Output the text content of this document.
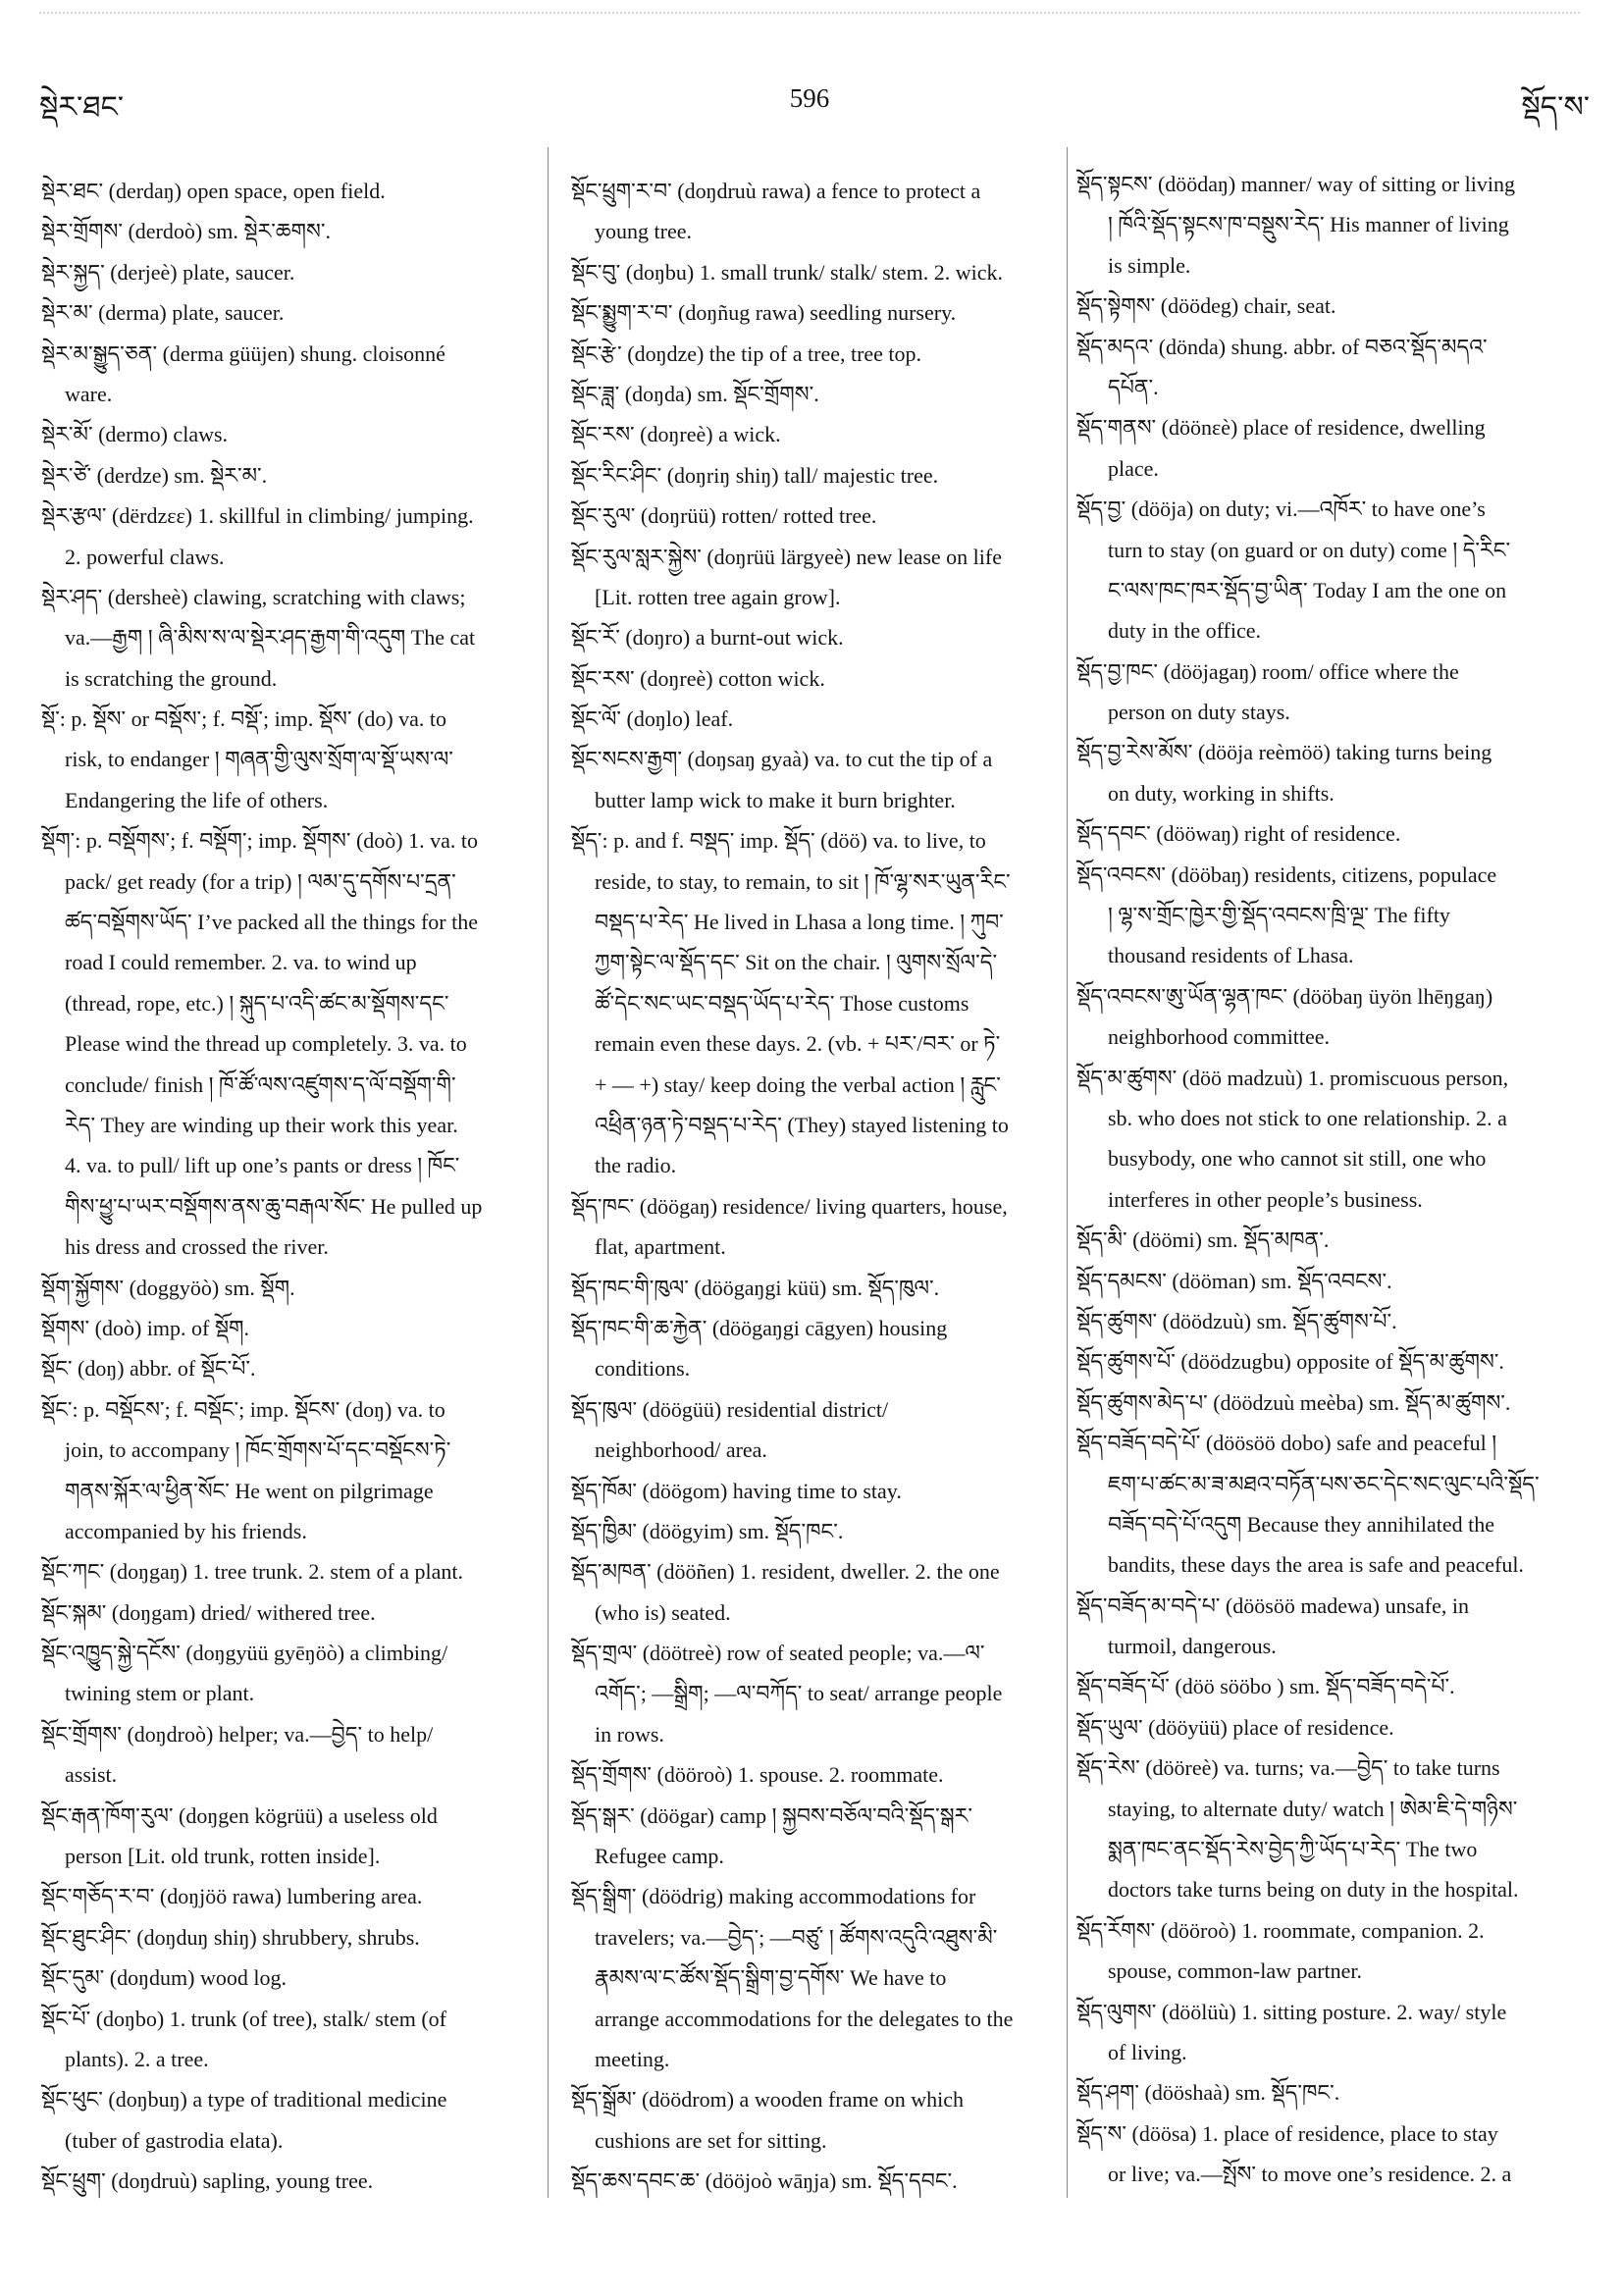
སྡེར་ཐང་	596	སྡོད་ས་
སྡེར་ཐང་ (derdaŋ) open space, open field.
སྡེར་གྲོགས་ (derdoò) sm. སྡེར་ཆགས་.
སྡེར་སྐྱད་ (derjeè) plate, saucer.
སྡེར་མ་ (derma) plate, saucer.
སྡེར་མ་སྒྱུད་ཅན་ (derma güüjen) shung. cloisonné
ware.
སྡེར་མོ་ (dermo) claws.
སྡེར་ཙེ་ (derdze) sm. སྡེར་མ་.
སྡེར་རྩལ་ (dërdzεε) 1. skillful in climbing/ jumping.
2. powerful claws.
སྡེར་ཤད་ (dersheè) clawing, scratching with claws;
va.—རྒྱག ། ཞི་མིས་ས་ལ་སྡེར་ཤད་རྒྱག་གི་འདུག The cat
is scratching the ground.
སྡོ་: p. སྡོས་ or བསྡོས་; f. བསྡོ་; imp. སྡོས་ (do) va. to
risk, to endanger ། གཞན་གྱི་ལུས་སྲོག་ལ་སྡོ་ཡས་ལ་
Endangering the life of others.
སྡོག་: p. བསྡོགས་; f. བསྡོག་; imp. སྡོགས་ (doò) 1. va. to
pack/ get ready (for a trip) ། ལམ་དུ་དགོས་པ་དྲན་
ཚད་བསྡོགས་ཡོད་ I’ve packed all the things for the
road I could remember. 2. va. to wind up
(thread, rope, etc.) ། སྐུད་པ་འདི་ཚང་མ་སྡོགས་དང་
Please wind the thread up completely. 3. va. to
conclude/ finish ། ཁོ་ཚོ་ལས་འཛུགས་ད་ལོ་བསྡོག་གི་
རེད་ They are winding up their work this year.
4. va. to pull/ lift up one’s pants or dress ། ཁོང་
གིས་ཕྱུ་པ་ཡར་བསྡོགས་ནས་ཆུ་བརྒལ་སོང་ He pulled up
his dress and crossed the river.
སྡོག་སྐྱོགས་ (doggyöò) sm. སྡོག.
སྡོགས་ (doò) imp. of སྡོག.
སྡོང་ (doŋ) abbr. of སྡོང་པོ་.
སྡོང་: p. བསྡོངས་; f. བསྡོང་; imp. སྡོངས་ (doŋ) va. to
join, to accompany ། ཁོང་གྲོགས་པོ་དང་བསྡོངས་ཏེ་
གནས་སྐོར་ལ་ཕྱིན་སོང་ He went on pilgrimage
accompanied by his friends.
སྡོང་ཀང་ (doŋgaŋ) 1. tree trunk. 2. stem of a plant.
སྡོང་སྐམ་ (doŋgam) dried/ withered tree.
སྡོང་འཁྱུད་སྐྱེ་དངོས་ (doŋgyüü gyēŋöò) a climbing/
twining stem or plant.
སྡོང་གྲོགས་ (doŋdroò) helper; va.—བྱེད་ to help/
assist.
སྡོང་རྒན་ཁོག་རུལ་ (doŋgen kögrüü) a useless old
person [Lit. old trunk, rotten inside].
སྡོང་གཅོད་ར་བ་ (doŋjöö rawa) lumbering area.
སྡོང་ཐུང་ཤིང་ (doŋduŋ shiŋ) shrubbery, shrubs.
སྡོང་དུམ་ (doŋdum) wood log.
སྡོང་པོ་ (doŋbo) 1. trunk (of tree), stalk/ stem (of
plants). 2. a tree.
སྡོང་ཕུང་ (doŋbuŋ) a type of traditional medicine
(tuber of gastrodia elata).
སྡོང་ཕྲུག་ (doŋdruù) sapling, young tree.
སྡོང་ཕྲུག་ར་བ་ (doŋdruù rawa) a fence to protect a
young tree.
སྡོང་བུ་ (doŋbu) 1. small trunk/ stalk/ stem. 2. wick.
སྡོང་སྨྱུག་ར་བ་ (doŋñug rawa) seedling nursery.
སྡོང་རྩེ་ (doŋdze) the tip of a tree, tree top.
སྡོང་ཟླ་ (doŋda) sm. སྡོང་གྲོགས་.
སྡོང་རས་ (doŋreè) a wick.
སྡོང་རིང་ཤིང་ (doŋriŋ shiŋ) tall/ majestic tree.
སྡོང་རུལ་ (doŋrüü) rotten/ rotted tree.
སྡོང་རུལ་སླར་སྐྱེས་ (doŋrüü lärgyeè) new lease on life
[Lit. rotten tree again grow].
སྡོང་རོ་ (doŋro) a burnt-out wick.
སྡོང་རས་ (doŋreè) cotton wick.
སྡོང་ལོ་ (doŋlo) leaf.
སྡོང་སངས་རྒྱག་ (doŋsaŋ gyaà) va. to cut the tip of a
butter lamp wick to make it burn brighter.
སྡོད་: p. and f. བསྡད་ imp. སྡོད་ (döö) va. to live, to
reside, to stay, to remain, to sit ། ཁོ་ལྷ་སར་ཡུན་རིང་
བསྡད་པ་རེད་ He lived in Lhasa a long time. ། ཀུབ་
ཀྱག་སྟེང་ལ་སྡོད་དང་ Sit on the chair. ། ལུགས་སྲོལ་དེ་
ཚོ་དེང་སང་ཡང་བསྡད་ཡོད་པ་རེད་ Those customs
remain even these days. 2. (vb. + པར་/བར་ or ཏེ་
+ — +) stay/ keep doing the verbal action ། རླུང་
འཕྲིན་ཉན་ཏེ་བསྡད་པ་རེད་ (They) stayed listening to
the radio.
སྡོད་ཁང་ (döögaŋ) residence/ living quarters, house,
flat, apartment.
སྡོད་ཁང་གི་ཁུལ་ (döögaŋgi küü) sm. སྡོད་ཁུལ་.
སྡོད་ཁང་གི་ཆ་རྐྱེན་ (döögaŋgi cāgyen) housing
conditions.
སྡོད་ཁུལ་ (döögüü) residential district/
neighborhood/ area.
སྡོད་ཁོམ་ (döögom) having time to stay.
སྡོད་ཁྱིམ་ (döögyim) sm. སྡོད་ཁང་.
སྡོད་མཁན་ (dööñen) 1. resident, dweller. 2. the one
(who is) seated.
སྡོད་གྲལ་ (döötreè) row of seated people; va.—ལ་
འགོད་; —སྒྲིག; —ལ་བཀོད་ to seat/ arrange people
in rows.
སྡོད་གྲོགས་ (dööroò) 1. spouse. 2. roommate.
སྡོད་སྒར་ (döögar) camp ། སྐྱབས་བཅོལ་བའི་སྡོད་སྒར་
Refugee camp.
སྡོད་སྒྲིག་ (döödrig) making accommodations for
travelers; va.—བྱེད་; —བཙུ་ ། ཚོགས་འདུའི་འཐུས་མི་
རྣམས་ལ་ང་ཚོས་སྡོད་སྒྲིག་བྱ་དགོས་ We have to
arrange accommodations for the delegates to the
meeting.
སྡོད་སྒྲོམ་ (döödrom) a wooden frame on which
cushions are set for sitting.
སྡོད་ཆས་དབང་ཆ་ (dööjoò wāŋja) sm. སྡོད་དབང་.
སྡོད་སྟངས་ (döödaŋ) manner/ way of sitting or living
། ཁོའི་སྡོད་སྟངས་ཁ་བསྡུས་རེད་ His manner of living
is simple.
སྡོད་སྟེགས་ (döödeg) chair, seat.
སྡོད་མདའ་ (dönda) shung. abbr. of བཅའ་སྡོད་མདའ་
དཔོན་.
སྡོད་གནས་ (döönεè) place of residence, dwelling
place.
སྡོད་བྱ་ (dööja) on duty; vi.—འཁོར་ to have one’s
turn to stay (on guard or on duty) come ། དེ་རིང་
ང་ལས་ཁང་ཁར་སྡོད་བྱ་ཡིན་ Today I am the one on
duty in the office.
སྡོད་བྱ་ཁང་ (dööjagaŋ) room/ office where the
person on duty stays.
སྡོད་བྱ་རེས་མོས་ (dööja reèmöö) taking turns being
on duty, working in shifts.
སྡོད་དབང་ (dööwaŋ) right of residence.
སྡོད་འབངས་ (dööbaŋ) residents, citizens, populace
། ལྷ་ས་གྲོང་ཁྱེར་གྱི་སྡོད་འབངས་ཁྲི་ལྔ་ The fifty
thousand residents of Lhasa.
སྡོད་འབངས་ཨུ་ཡོན་ལྷན་ཁང་ (dööbaŋ üyön lhēŋgaŋ)
neighborhood committee.
སྡོད་མ་ཚུགས་ (döö madzuù) 1. promiscuous person,
sb. who does not stick to one relationship. 2. a
busybody, one who cannot sit still, one who
interferes in other people’s business.
སྡོད་མི་ (döömi) sm. སྡོད་མཁན་.
སྡོད་དམངས་ (dööman) sm. སྡོད་འབངས་.
སྡོད་ཚུགས་ (döödzuù) sm. སྡོད་ཚུགས་པོ་.
སྡོད་ཚུགས་པོ་ (döödzugbu) opposite of སྡོད་མ་ཚུགས་.
སྡོད་ཚུགས་མེད་པ་ (döödzuù meèba) sm. སྡོད་མ་ཚུགས་.
སྡོད་བཟོད་བདེ་པོ་ (döösöö dobo) safe and peaceful །
ཇག་པ་ཚང་མ་ཟ་མཐའ་བཏོན་པས་ཅང་དེང་སང་ལུང་པའི་སྡོད་
བཟོད་བདེ་པོ་འདུག Because they annihilated the
bandits, these days the area is safe and peaceful.
སྡོད་བཟོད་མ་བདེ་པ་ (döösöö madewa) unsafe, in
turmoil, dangerous.
སྡོད་བཟོད་པོ་ (döö sööbo ) sm. སྡོད་བཟོད་བདེ་པོ་.
སྡོད་ཡུལ་ (dööyüü) place of residence.
སྡོད་རེས་ (dööreè) va. turns; va.—བྱེད་ to take turns
staying, to alternate duty/ watch ། ཨེམ་ཇི་དེ་གཉིས་
སྨན་ཁང་ནང་སྡོད་རེས་བྱེད་ཀྱི་ཡོད་པ་རེད་ The two
doctors take turns being on duty in the hospital.
སྡོད་རོགས་ (dööroò) 1. roommate, companion. 2.
spouse, common-law partner.
སྡོད་ལུགས་ (döölüù) 1. sitting posture. 2. way/ style
of living.
སྡོད་ཤག་ (dööshaà) sm. སྡོད་ཁང་.
སྡོད་ས་ (döösa) 1. place of residence, place to stay
or live; va.—སྤོས་ to move one’s residence. 2. a
